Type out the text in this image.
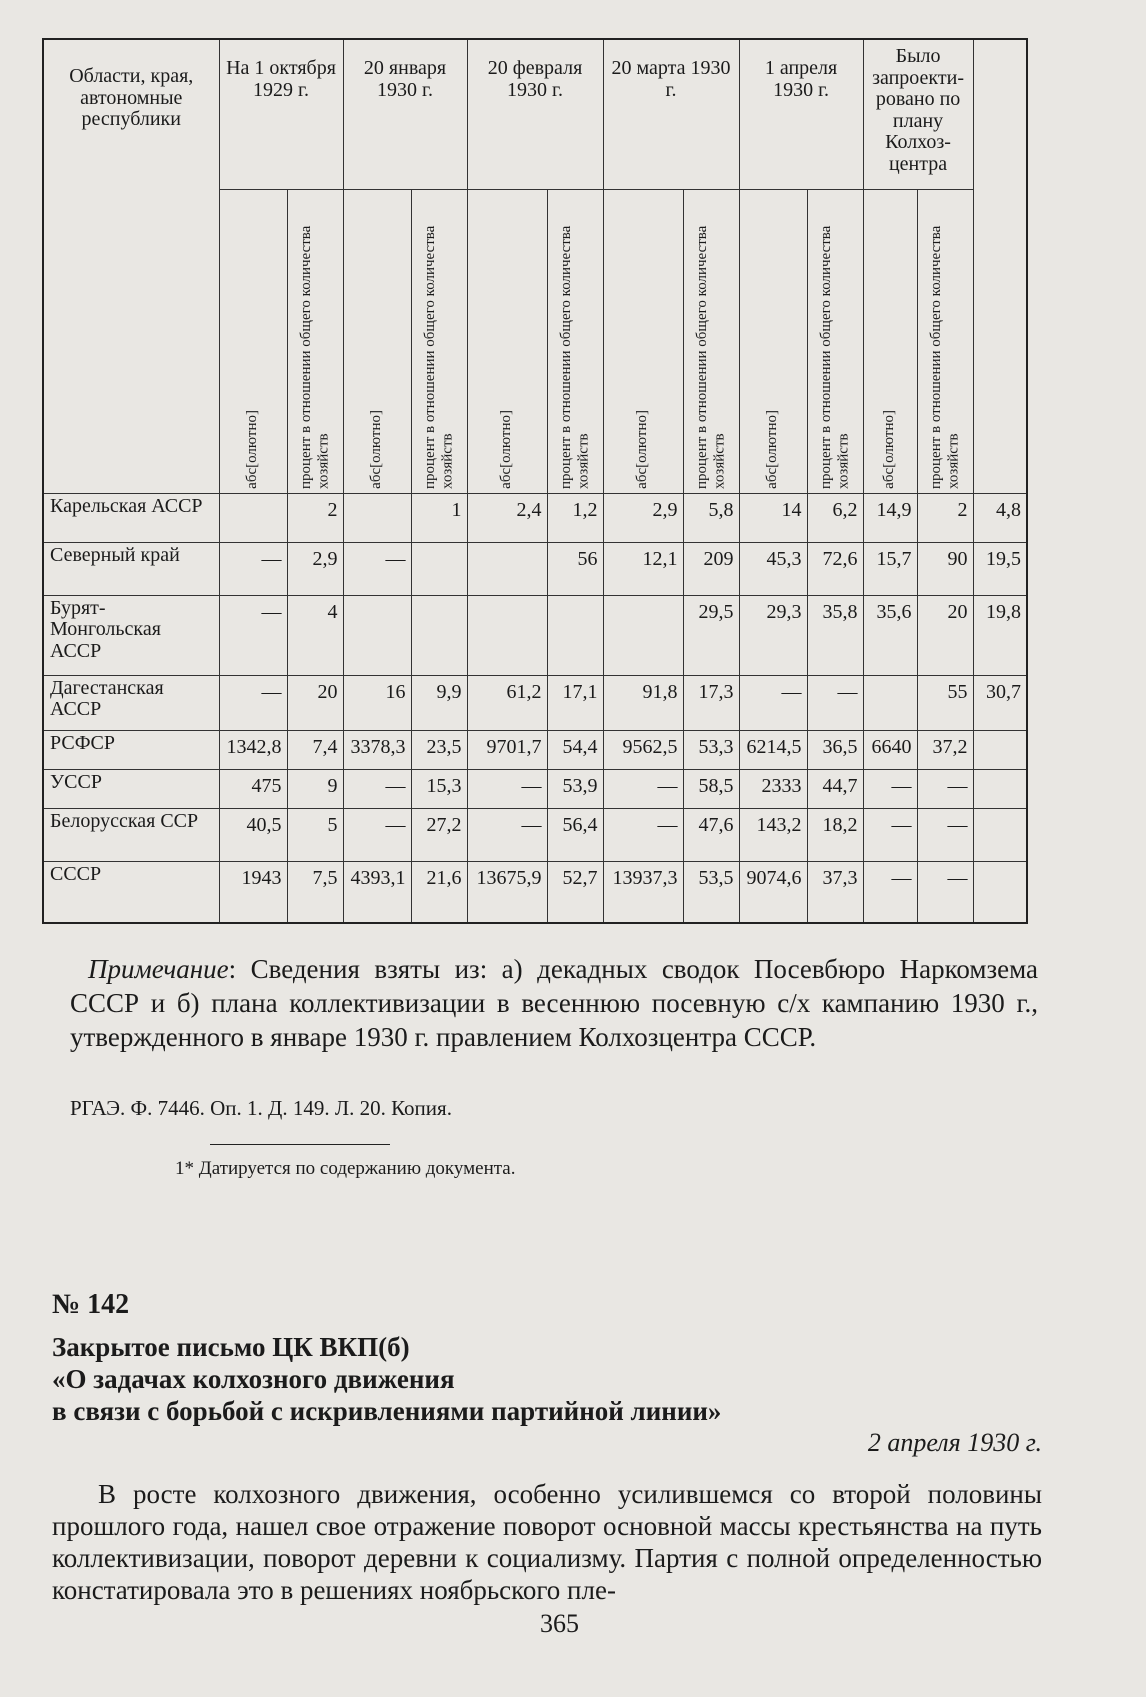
Области, края, автономные республики	На 1 октября 1929 г.		20 января 1930 г.		20 февраля 1930 г.		20 марта 1930 г.		1 апреля 1930 г.		Было запроекти-ровано по плану Колхоз-центра		

	абс[олютно]	процент в отношении общего количества хозяйств	абс[олютно]	процент в отношении общего количества хозяйств	абс[олютно]	процент в отношении общего количества хозяйств	абс[олютно]	процент в отношении общего количества хозяйств	абс[олютно]	процент в отношении общего количества хозяйств	абс[олютно]	процент в отношении общего количества хозяйств	

Карельская АССР		2		1	2,4	1,2	2,9	5,8	14	6,2	14,9	2	4,8
Северный край	—	2,9	—			56	12,1	209	45,3	72,6	15,7	90	19,5
Бурят-Монгольская АССР	—	4						29,5	29,3	35,8	35,6	20	19,8
Дагестанская АССР	—	20	16	9,9	61,2	17,1	91,8	17,3	—	—		55	30,7
РСФСР	1342,8	7,4	3378,3	23,5	9701,7	54,4	9562,5	53,3	6214,5	36,5	6640	37,2	
УССР	475	9	—	15,3	—	53,9	—	58,5	2333	44,7	—	—	
Белорусская ССР	40,5	5	—	27,2	—	56,4	—	47,6	143,2	18,2	—	—	
СССР	1943	7,5	4393,1	21,6	13675,9	52,7	13937,3	53,5	9074,6	37,3	—	—	
Примечание: Сведения взяты из: а) декадных сводок Посевбюро Наркомзема СССР и б) плана коллективизации в весеннюю посевную с/х кампанию 1930 г., утвержденного в январе 1930 г. правлением Колхозцентра СССР.
РГАЭ. Ф. 7446. Оп. 1. Д. 149. Л. 20. Копия.
1* Датируется по содержанию документа.
№ 142
Закрытое письмо ЦК ВКП(б)
«О задачах колхозного движения
в связи с борьбой с искривлениями партийной линии»
2 апреля 1930 г.
В росте колхозного движения, особенно усилившемся со второй половины прошлого года, нашел свое отражение поворот основной массы крестьянства на путь коллективизации, поворот деревни к социализму. Партия с полной определенностью констатировала это в решениях ноябрьского пле-
365
